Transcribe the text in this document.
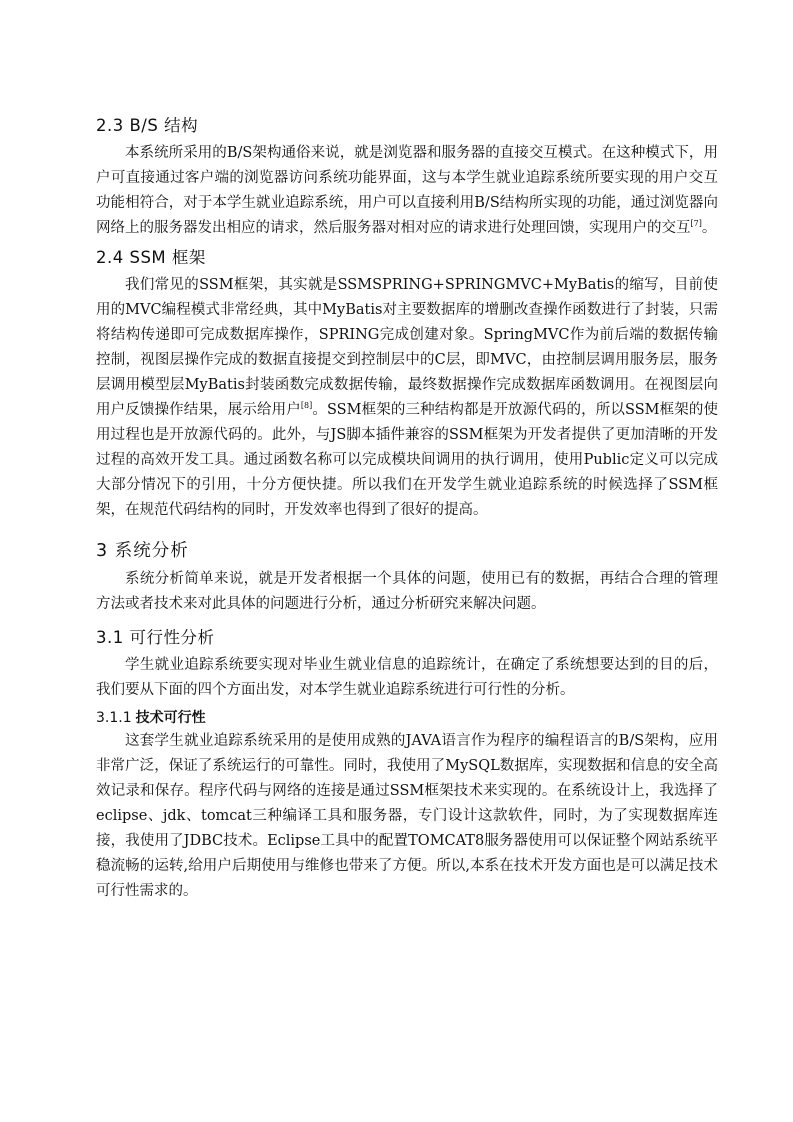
2.3 B/S 结构

本系统所采用的B/S架构通俗来说，就是浏览器和服务器的直接交互模式。在这种模式下，用户可直接通过客户端的浏览器访问系统功能界面，这与本学生就业追踪系统所要实现的用户交互功能相符合，对于本学生就业追踪系统，用户可以直接利用B/S结构所实现的功能，通过浏览器向网络上的服务器发出相应的请求，然后服务器对相对应的请求进行处理回馈，实现用户的交互[7]。

2.4 SSM 框架

我们常见的SSM框架，其实就是SSMSPRING+SPRINGMVC+MyBatis的缩写，目前使用的MVC编程模式非常经典，其中MyBatis对主要数据库的增删改查操作函数进行了封装，只需将结构传递即可完成数据库操作，SPRING完成创建对象。SpringMVC作为前后端的数据传输控制，视图层操作完成的数据直接提交到控制层中的C层，即MVC，由控制层调用服务层，服务层调用模型层MyBatis封装函数完成数据传输，最终数据操作完成数据库函数调用。在视图层向用户反馈操作结果，展示给用户[8]。SSM框架的三种结构都是开放源代码的，所以SSM框架的使用过程也是开放源代码的。此外，与JS脚本插件兼容的SSM框架为开发者提供了更加清晰的开发过程的高效开发工具。通过函数名称可以完成模块间调用的执行调用，使用Public定义可以完成大部分情况下的引用，十分方便快捷。所以我们在开发学生就业追踪系统的时候选择了SSM框架，在规范代码结构的同时，开发效率也得到了很好的提高。

3 系统分析

系统分析简单来说，就是开发者根据一个具体的问题，使用已有的数据，再结合合理的管理方法或者技术来对此具体的问题进行分析，通过分析研究来解决问题。

3.1 可行性分析

学生就业追踪系统要实现对毕业生就业信息的追踪统计，在确定了系统想要达到的目的后，我们要从下面的四个方面出发，对本学生就业追踪系统进行可行性的分析。

3.1.1 技术可行性

这套学生就业追踪系统采用的是使用成熟的JAVA语言作为程序的编程语言的B/S架构，应用非常广泛，保证了系统运行的可靠性。同时，我使用了MySQL数据库，实现数据和信息的安全高效记录和保存。程序代码与网络的连接是通过SSM框架技术来实现的。在系统设计上，我选择了eclipse、jdk、tomcat三种编译工具和服务器，专门设计这款软件，同时，为了实现数据库连接，我使用了JDBC技术。Eclipse工具中的配置TOMCAT8服务器使用可以保证整个网站系统平稳流畅的运转,给用户后期使用与维修也带来了方便。所以,本系在技术开发方面也是可以满足技术可行性需求的。
